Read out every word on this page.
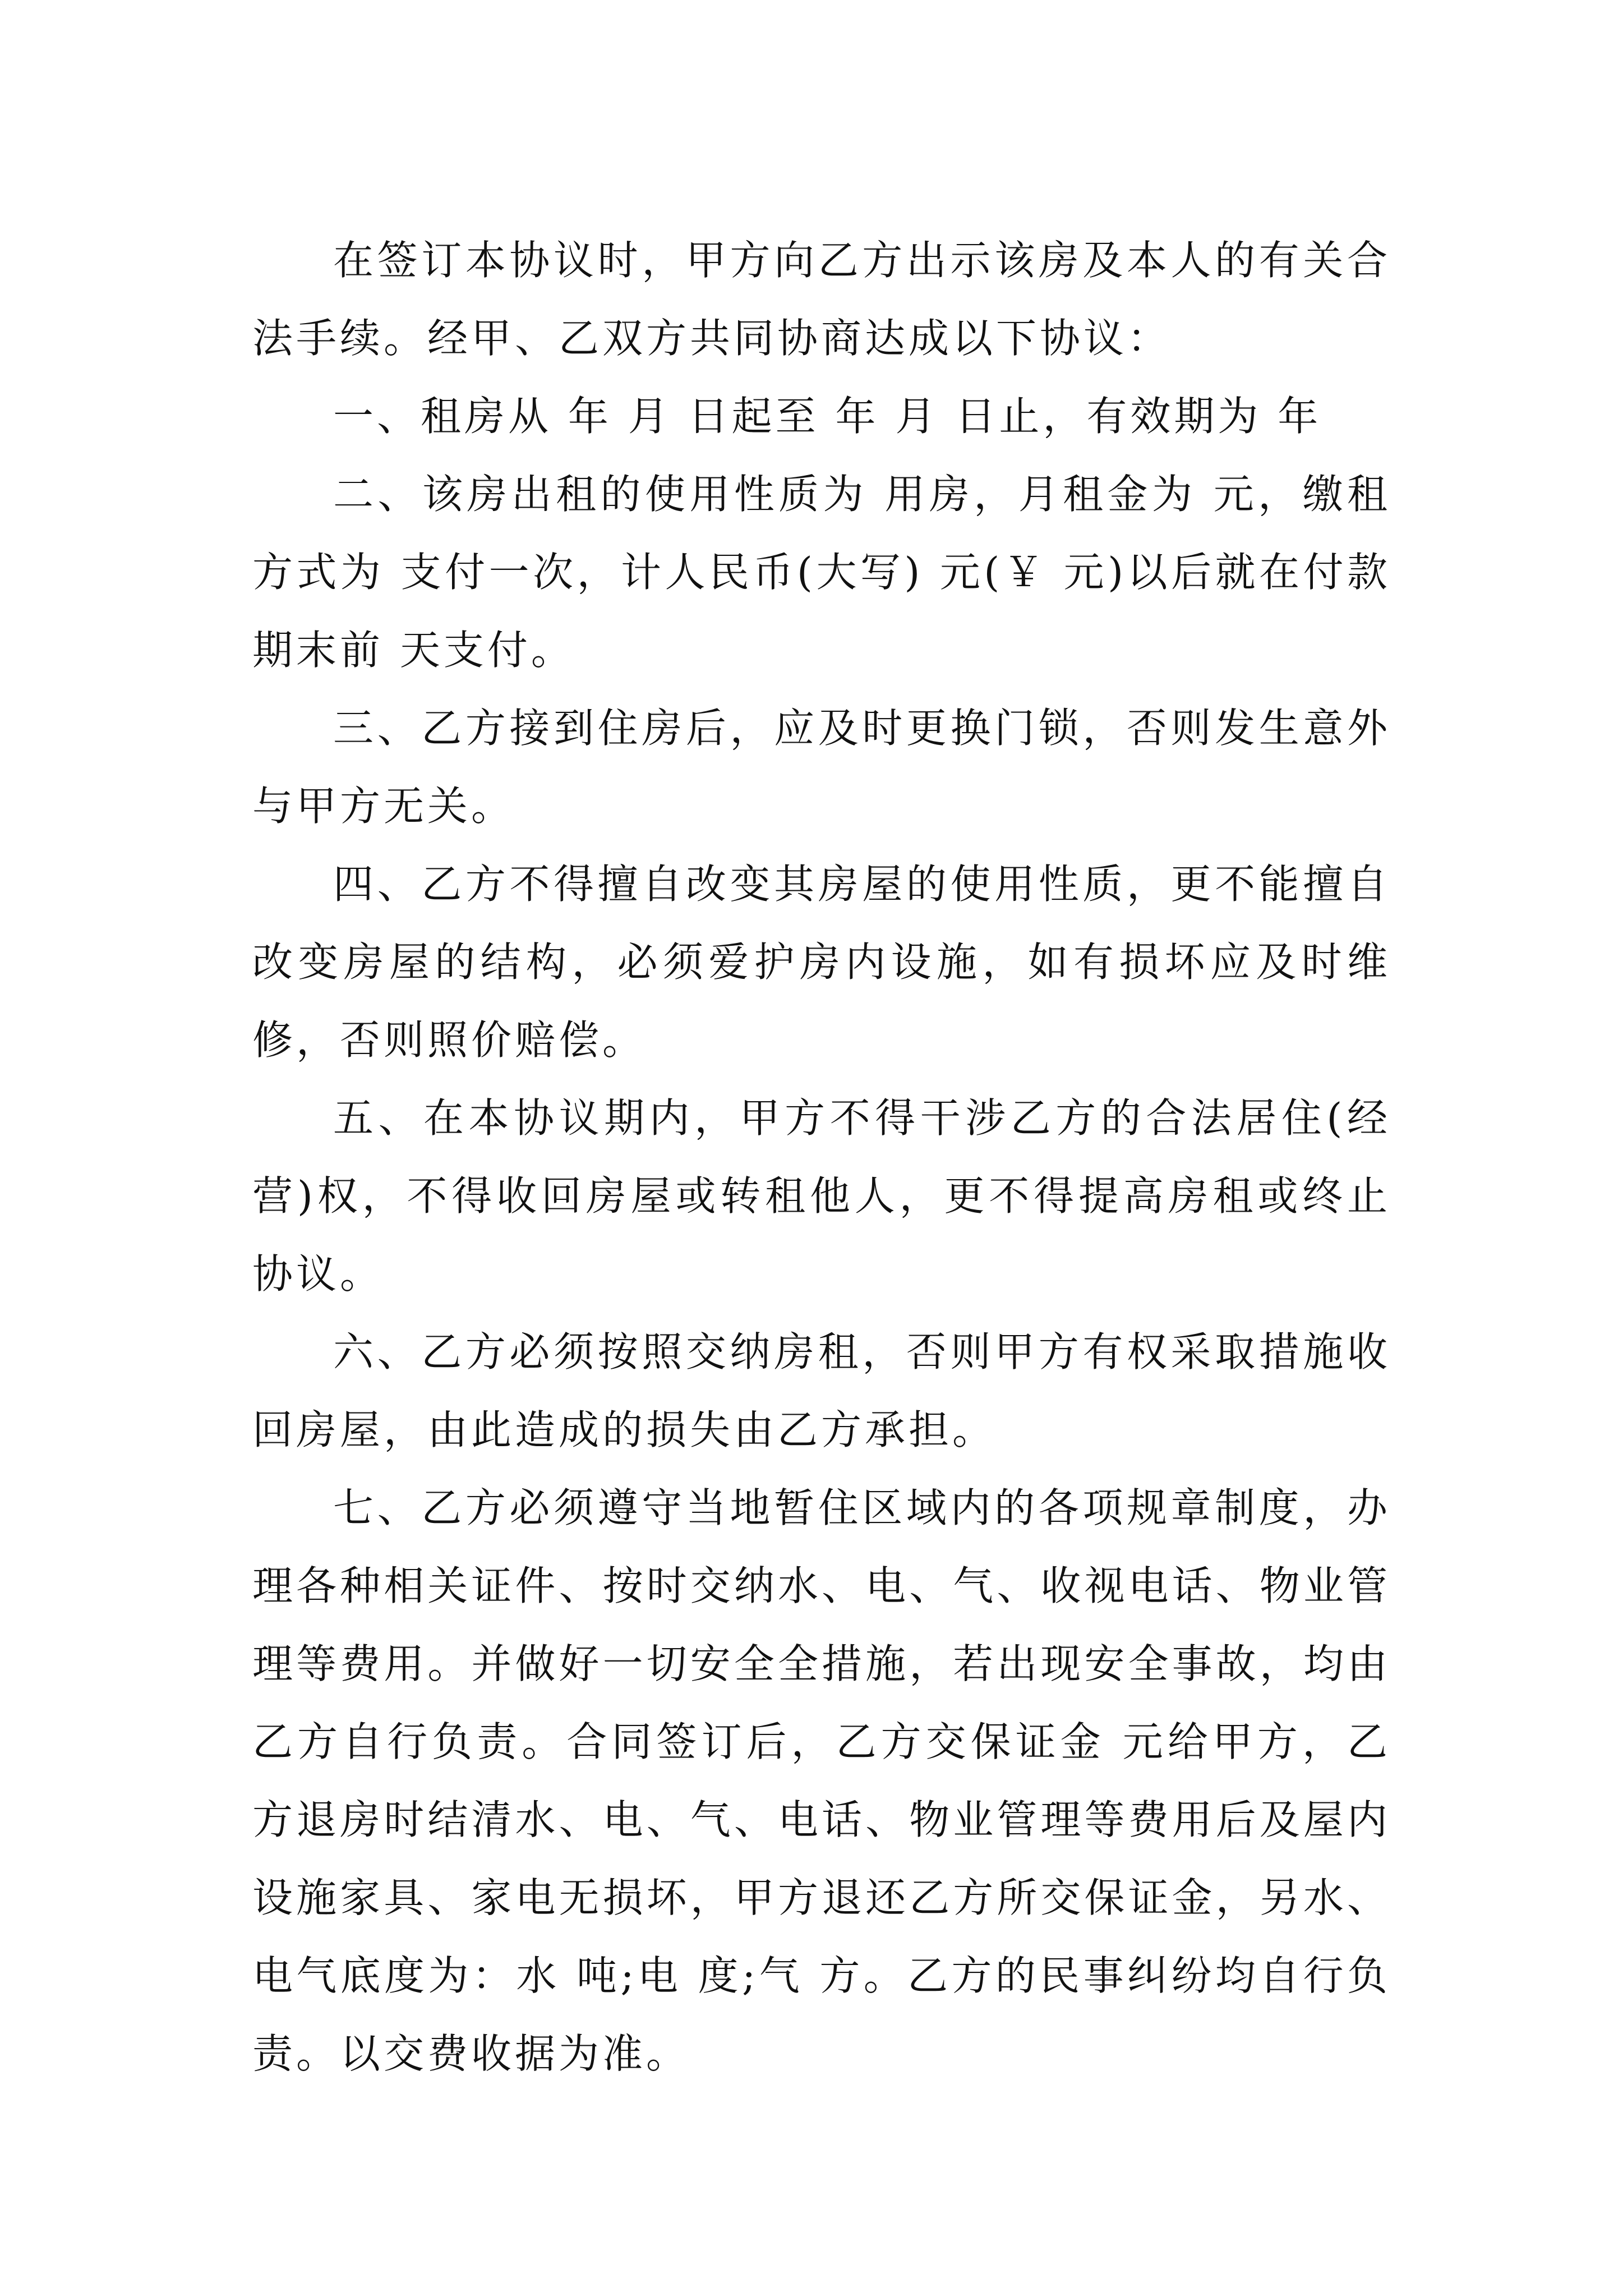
在签订本协议时，甲方向乙方出示该房及本人的有关合法手续。经甲、乙双方共同协商达成以下协议：

一、租房从 年 月 日起至 年 月 日止，有效期为 年

二、该房出租的使用性质为 用房，月租金为 元，缴租方式为 支付一次，计人民币(大写) 元(￥ 元)以后就在付款期末前 天支付。

三、乙方接到住房后，应及时更换门锁，否则发生意外与甲方无关。

四、乙方不得擅自改变其房屋的使用性质，更不能擅自改变房屋的结构，必须爱护房内设施，如有损坏应及时维修，否则照价赔偿。

五、在本协议期内，甲方不得干涉乙方的合法居住(经营)权，不得收回房屋或转租他人，更不得提高房租或终止协议。

六、乙方必须按照交纳房租，否则甲方有权采取措施收回房屋，由此造成的损失由乙方承担。

七、乙方必须遵守当地暂住区域内的各项规章制度，办理各种相关证件、按时交纳水、电、气、收视电话、物业管理等费用。并做好一切安全全措施，若出现安全事故，均由乙方自行负责。合同签订后，乙方交保证金 元给甲方，乙方退房时结清水、电、气、电话、物业管理等费用后及屋内设施家具、家电无损坏，甲方退还乙方所交保证金，另水、电气底度为：水 吨;电 度;气 方。乙方的民事纠纷均自行负责。以交费收据为准。
